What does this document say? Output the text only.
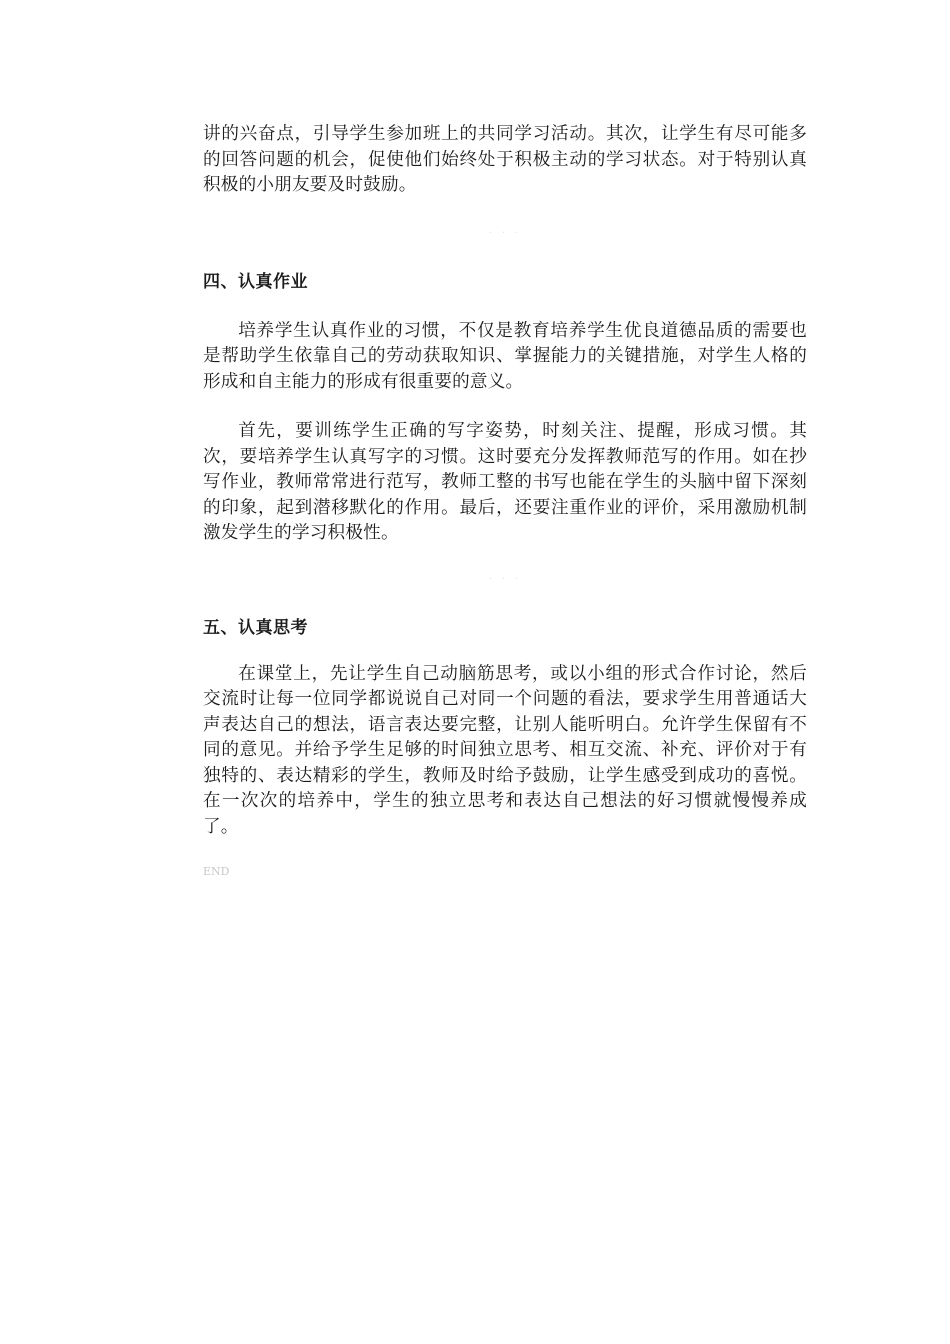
讲的兴奋点，引导学生参加班上的共同学习活动。其次，让学生有尽可能多的回答问题的机会，促使他们始终处于积极主动的学习状态。对于特别认真积极的小朋友要及时鼓励。

· · ·
四、认真作业

培养学生认真作业的习惯，不仅是教育培养学生优良道德品质的需要也是帮助学生依靠自己的劳动获取知识、掌握能力的关键措施，对学生人格的形成和自主能力的形成有很重要的意义。

首先，要训练学生正确的写字姿势，时刻关注、提醒，形成习惯。其次，要培养学生认真写字的习惯。这时要充分发挥教师范写的作用。如在抄写作业，教师常常进行范写，教师工整的书写也能在学生的头脑中留下深刻的印象，起到潜移默化的作用。最后，还要注重作业的评价，采用激励机制激发学生的学习积极性。

· · ·
五、认真思考

在课堂上，先让学生自己动脑筋思考，或以小组的形式合作讨论，然后交流时让每一位同学都说说自己对同一个问题的看法，要求学生用普通话大声表达自己的想法，语言表达要完整，让别人能听明白。允许学生保留有不同的意见。并给予学生足够的时间独立思考、相互交流、补充、评价对于有独特的、表达精彩的学生，教师及时给予鼓励，让学生感受到成功的喜悦。在一次次的培养中，学生的独立思考和表达自己想法的好习惯就慢慢养成了。

END
